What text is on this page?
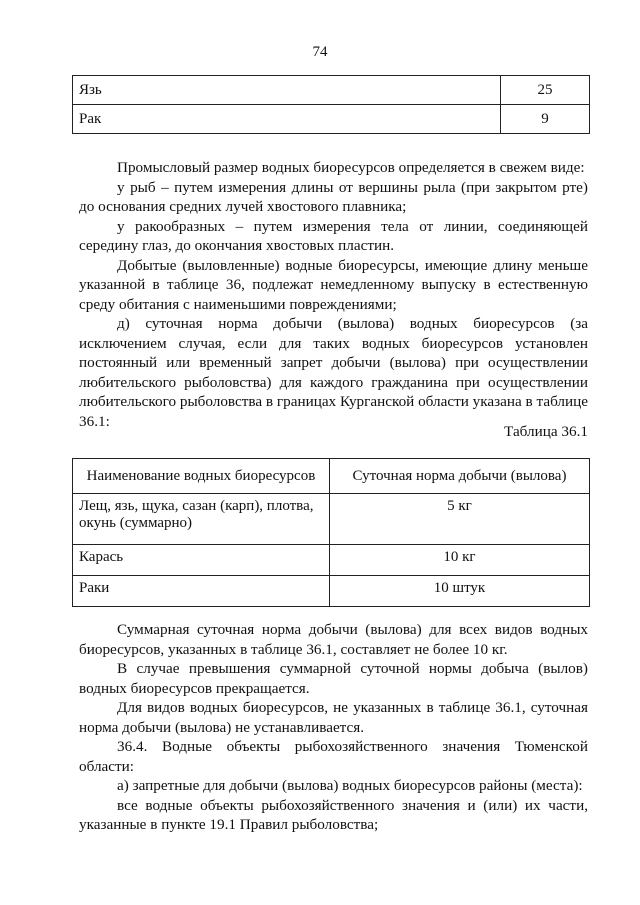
74
Язь	25
Рак	9

Промысловый размер водных биоресурсов определяется в свежем виде:

у рыб – путем измерения длины от вершины рыла (при закрытом рте) до основания средних лучей хвостового плавника;

у ракообразных – путем измерения тела от линии, соединяющей середину глаз, до окончания хвостовых пластин.

Добытые (выловленные) водные биоресурсы, имеющие длину меньше указанной в таблице 36, подлежат немедленному выпуску в естественную среду обитания с наименьшими повреждениями;

д) суточная норма добычи (вылова) водных биоресурсов (за исключением случая, если для таких водных биоресурсов установлен постоянный или временный запрет добычи (вылова) при осуществлении любительского рыболовства) для каждого гражданина при осуществлении любительского рыболовства в границах Курганской области указана в таблице 36.1:

Таблица 36.1
Наименование водных биоресурсов	Суточная норма добычи (вылова)
Лещ, язь, щука, сазан (карп), плотва, окунь (суммарно)	5 кг
Карась	10 кг
Раки	10 штук

Суммарная суточная норма добычи (вылова) для всех видов водных биоресурсов, указанных в таблице 36.1, составляет не более 10 кг.

В случае превышения суммарной суточной нормы добыча (вылов) водных биоресурсов прекращается.

Для видов водных биоресурсов, не указанных в таблице 36.1, суточная норма добычи (вылова) не устанавливается.

36.4. Водные объекты рыбохозяйственного значения Тюменской области:

а) запретные для добычи (вылова) водных биоресурсов районы (места):

все водные объекты рыбохозяйственного значения и (или) их части, указанные в пункте 19.1 Правил рыболовства;
